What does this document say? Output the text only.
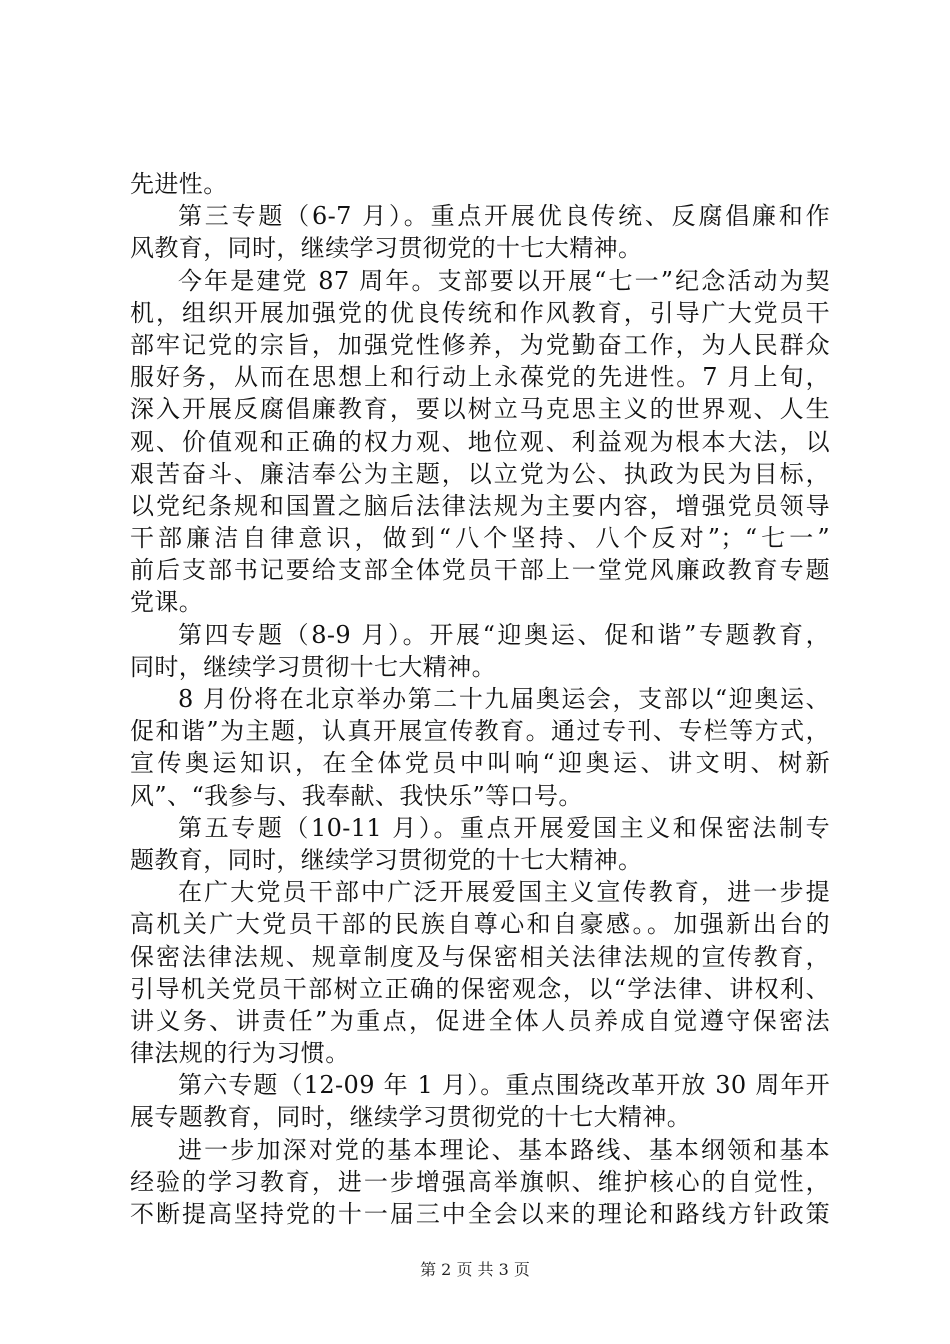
先进性。
第三专题（6-7 月）。重点开展优良传统、反腐倡廉和作
风教育，同时，继续学习贯彻党的十七大精神。
今年是建党 87 周年。支部要以开展“七一”纪念活动为契
机，组织开展加强党的优良传统和作风教育，引导广大党员干
部牢记党的宗旨，加强党性修养，为党勤奋工作，为人民群众
服好务，从而在思想上和行动上永葆党的先进性。7 月上旬，
深入开展反腐倡廉教育，要以树立马克思主义的世界观、人生
观、价值观和正确的权力观、地位观、利益观为根本大法，以
艰苦奋斗、廉洁奉公为主题，以立党为公、执政为民为目标，
以党纪条规和国置之脑后法律法规为主要内容，增强党员领导
干部廉洁自律意识，做到“八个坚持、八个反对”；“七一”
前后支部书记要给支部全体党员干部上一堂党风廉政教育专题
党课。
第四专题（8-9 月）。开展“迎奥运、促和谐”专题教育，
同时，继续学习贯彻十七大精神。
8 月份将在北京举办第二十九届奥运会，支部以“迎奥运、
促和谐”为主题，认真开展宣传教育。通过专刊、专栏等方式，
宣传奥运知识，在全体党员中叫响“迎奥运、讲文明、树新
风”、“我参与、我奉献、我快乐”等口号。
第五专题（10-11 月）。重点开展爱国主义和保密法制专
题教育，同时，继续学习贯彻党的十七大精神。
在广大党员干部中广泛开展爱国主义宣传教育，进一步提
高机关广大党员干部的民族自尊心和自豪感。。加强新出台的
保密法律法规、规章制度及与保密相关法律法规的宣传教育，
引导机关党员干部树立正确的保密观念，以“学法律、讲权利、
讲义务、讲责任”为重点，促进全体人员养成自觉遵守保密法
律法规的行为习惯。
第六专题（12-09 年 1 月）。重点围绕改革开放 30 周年开
展专题教育，同时，继续学习贯彻党的十七大精神。
进一步加深对党的基本理论、基本路线、基本纲领和基本
经验的学习教育，进一步增强高举旗帜、维护核心的自觉性，
不断提高坚持党的十一届三中全会以来的理论和路线方针政策
第 2 页 共 3 页
